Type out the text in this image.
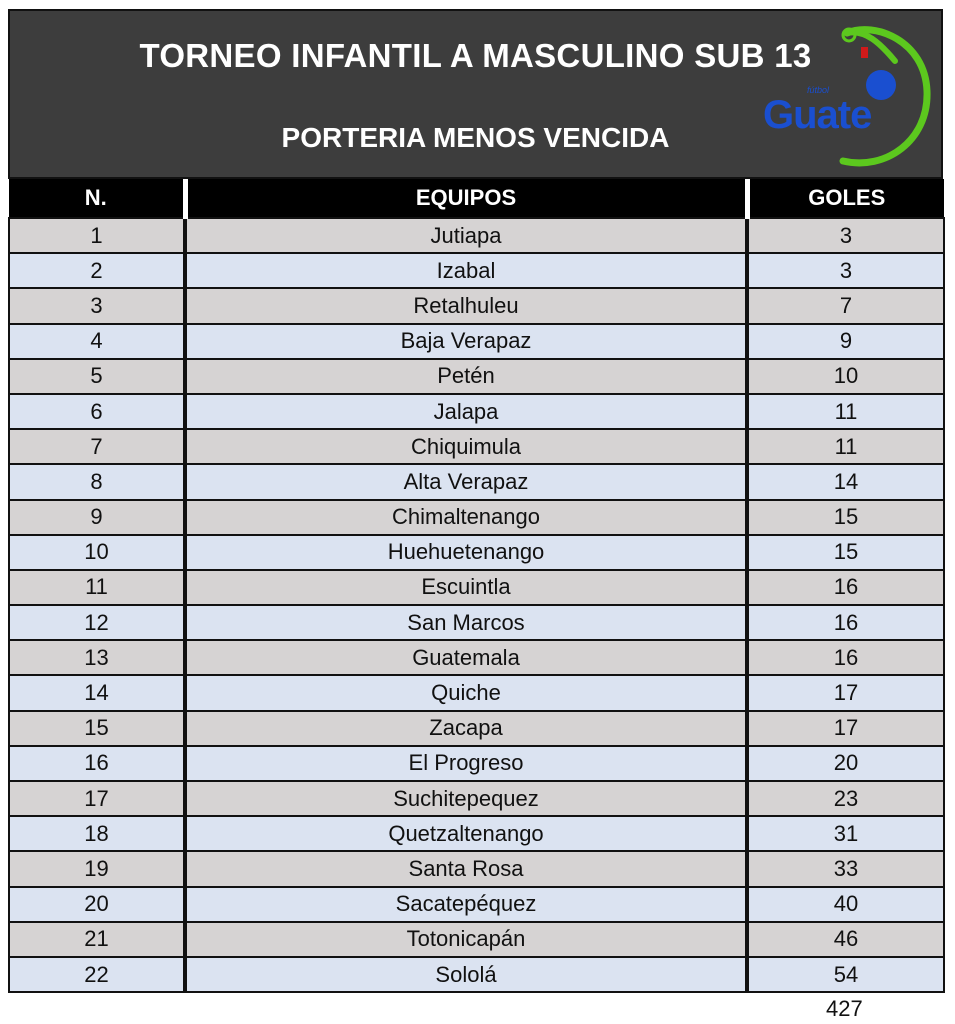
TORNEO INFANTIL A MASCULINO SUB 13
PORTERIA MENOS VENCIDA
fútbol
Guate
N.	EQUIPOS	GOLES
1	Jutiapa	3
2	Izabal	3
3	Retalhuleu	7
4	Baja Verapaz	9
5	Petén	10
6	Jalapa	11
7	Chiquimula	11
8	Alta Verapaz	14
9	Chimaltenango	15
10	Huehuetenango	15
11	Escuintla	16
12	San Marcos	16
13	Guatemala	16
14	Quiche	17
15	Zacapa	17
16	El Progreso	20
17	Suchitepequez	23
18	Quetzaltenango	31
19	Santa Rosa	33
20	Sacatepéquez	40
21	Totonicapán	46
22	Sololá	54
427
